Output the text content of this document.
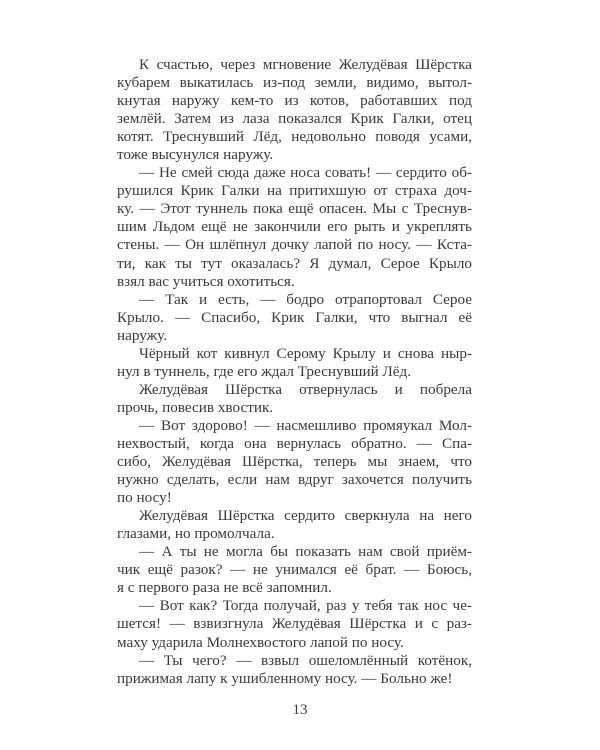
К счастью, через мгновение Желудёвая Шёрстка
кубарем выкатилась из-под земли, видимо, вытол-
кнутая наружу кем-то из котов, работавших под
землёй. Затем из лаза показался Крик Галки, отец
котят. Треснувший Лёд, недовольно поводя усами,
тоже высунулся наружу.
— Не смей сюда даже носа совать! — сердито об-
рушился Крик Галки на притихшую от страха доч-
ку. — Этот туннель пока ещё опасен. Мы с Треснув-
шим Льдом ещё не закончили его рыть и укреплять
стены. — Он шлёпнул дочку лапой по носу. — Кста-
ти, как ты тут оказалась? Я думал, Серое Крыло
взял вас учиться охотиться.
— Так и есть, — бодро отрапортовал Серое
Крыло. — Спасибо, Крик Галки, что выгнал её
наружу.
Чёрный кот кивнул Серому Крылу и снова ныр-
нул в туннель, где его ждал Треснувший Лёд.
Желудёвая Шёрстка отвернулась и побрела
прочь, повесив хвостик.
— Вот здорово! — насмешливо промяукал Мол-
нехвостый, когда она вернулась обратно. — Спа-
сибо, Желудёвая Шёрстка, теперь мы знаем, что
нужно сделать, если нам вдруг захочется получить
по носу!
Желудёвая Шёрстка сердито сверкнула на него
глазами, но промолчала.
— А ты не могла бы показать нам свой приём-
чик ещё разок? — не унимался её брат. — Боюсь,
я с первого раза не всё запомнил.
— Вот как? Тогда получай, раз у тебя так нос че-
шется! — взвизгнула Желудёвая Шёрстка и с раз-
маху ударила Молнехвостого лапой по носу.
— Ты чего? — взвыл ошеломлённый котёнок,
прижимая лапу к ушибленному носу. — Больно же!
13
